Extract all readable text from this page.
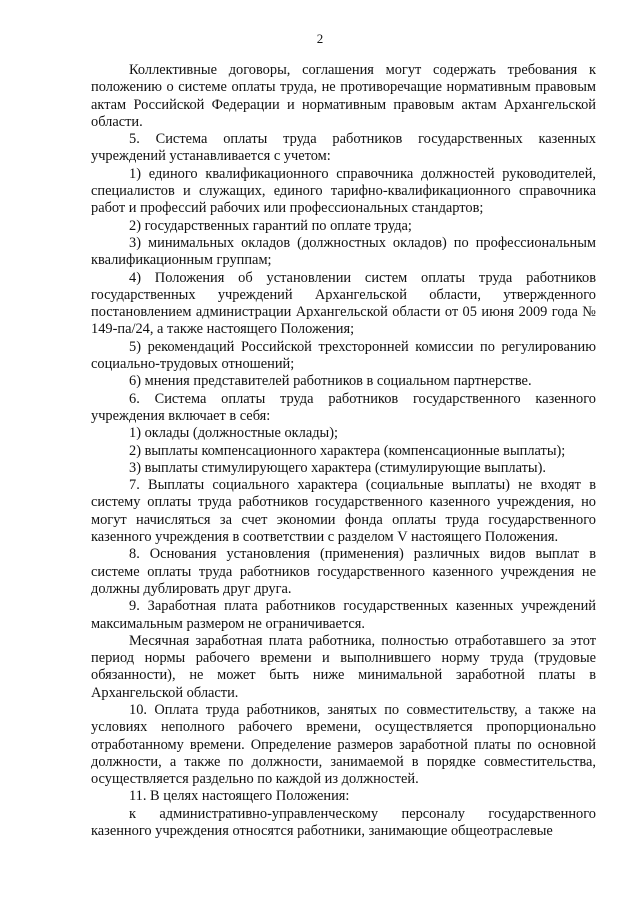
2

Коллективные договоры, соглашения могут содержать требования к положению о системе оплаты труда, не противоречащие нормативным правовым актам Российской Федерации и нормативным правовым актам Архангельской области.

5. Система оплаты труда работников государственных казенных учреждений устанавливается с учетом:

1) единого квалификационного справочника должностей руководителей, специалистов и служащих, единого тарифно-квалификационного справочника работ и профессий рабочих или профессиональных стандартов;

2) государственных гарантий по оплате труда;

3) минимальных окладов (должностных окладов) по профессиональным квалификационным группам;

4) Положения об установлении систем оплаты труда работников государственных учреждений Архангельской области, утвержденного постановлением администрации Архангельской области от 05 июня 2009 года № 149-па/24, а также настоящего Положения;

5) рекомендаций Российской трехсторонней комиссии по регулированию социально-трудовых отношений;

6) мнения представителей работников в социальном партнерстве.

6. Система оплаты труда работников государственного казенного учреждения включает в себя:

1) оклады (должностные оклады);

2) выплаты компенсационного характера (компенсационные выплаты);

3) выплаты стимулирующего характера (стимулирующие выплаты).

7. Выплаты социального характера (социальные выплаты) не входят в систему оплаты труда работников государственного казенного учреждения, но могут начисляться за счет экономии фонда оплаты труда государственного казенного учреждения в соответствии с разделом V настоящего Положения.

8. Основания установления (применения) различных видов выплат в системе оплаты труда работников государственного казенного учреждения не должны дублировать друг друга.

9. Заработная плата работников государственных казенных учреждений максимальным размером не ограничивается.

Месячная заработная плата работника, полностью отработавшего за этот период нормы рабочего времени и выполнившего норму труда (трудовые обязанности), не может быть ниже минимальной заработной платы в Архангельской области.

10. Оплата труда работников, занятых по совместительству, а также на условиях неполного рабочего времени, осуществляется пропорционально отработанному времени. Определение размеров заработной платы по основной должности, а также по должности, занимаемой в порядке совместительства, осуществляется раздельно по каждой из должностей.

11. В целях настоящего Положения:

к административно-управленческому персоналу государственного казенного учреждения относятся работники, занимающие общеотраслевые
